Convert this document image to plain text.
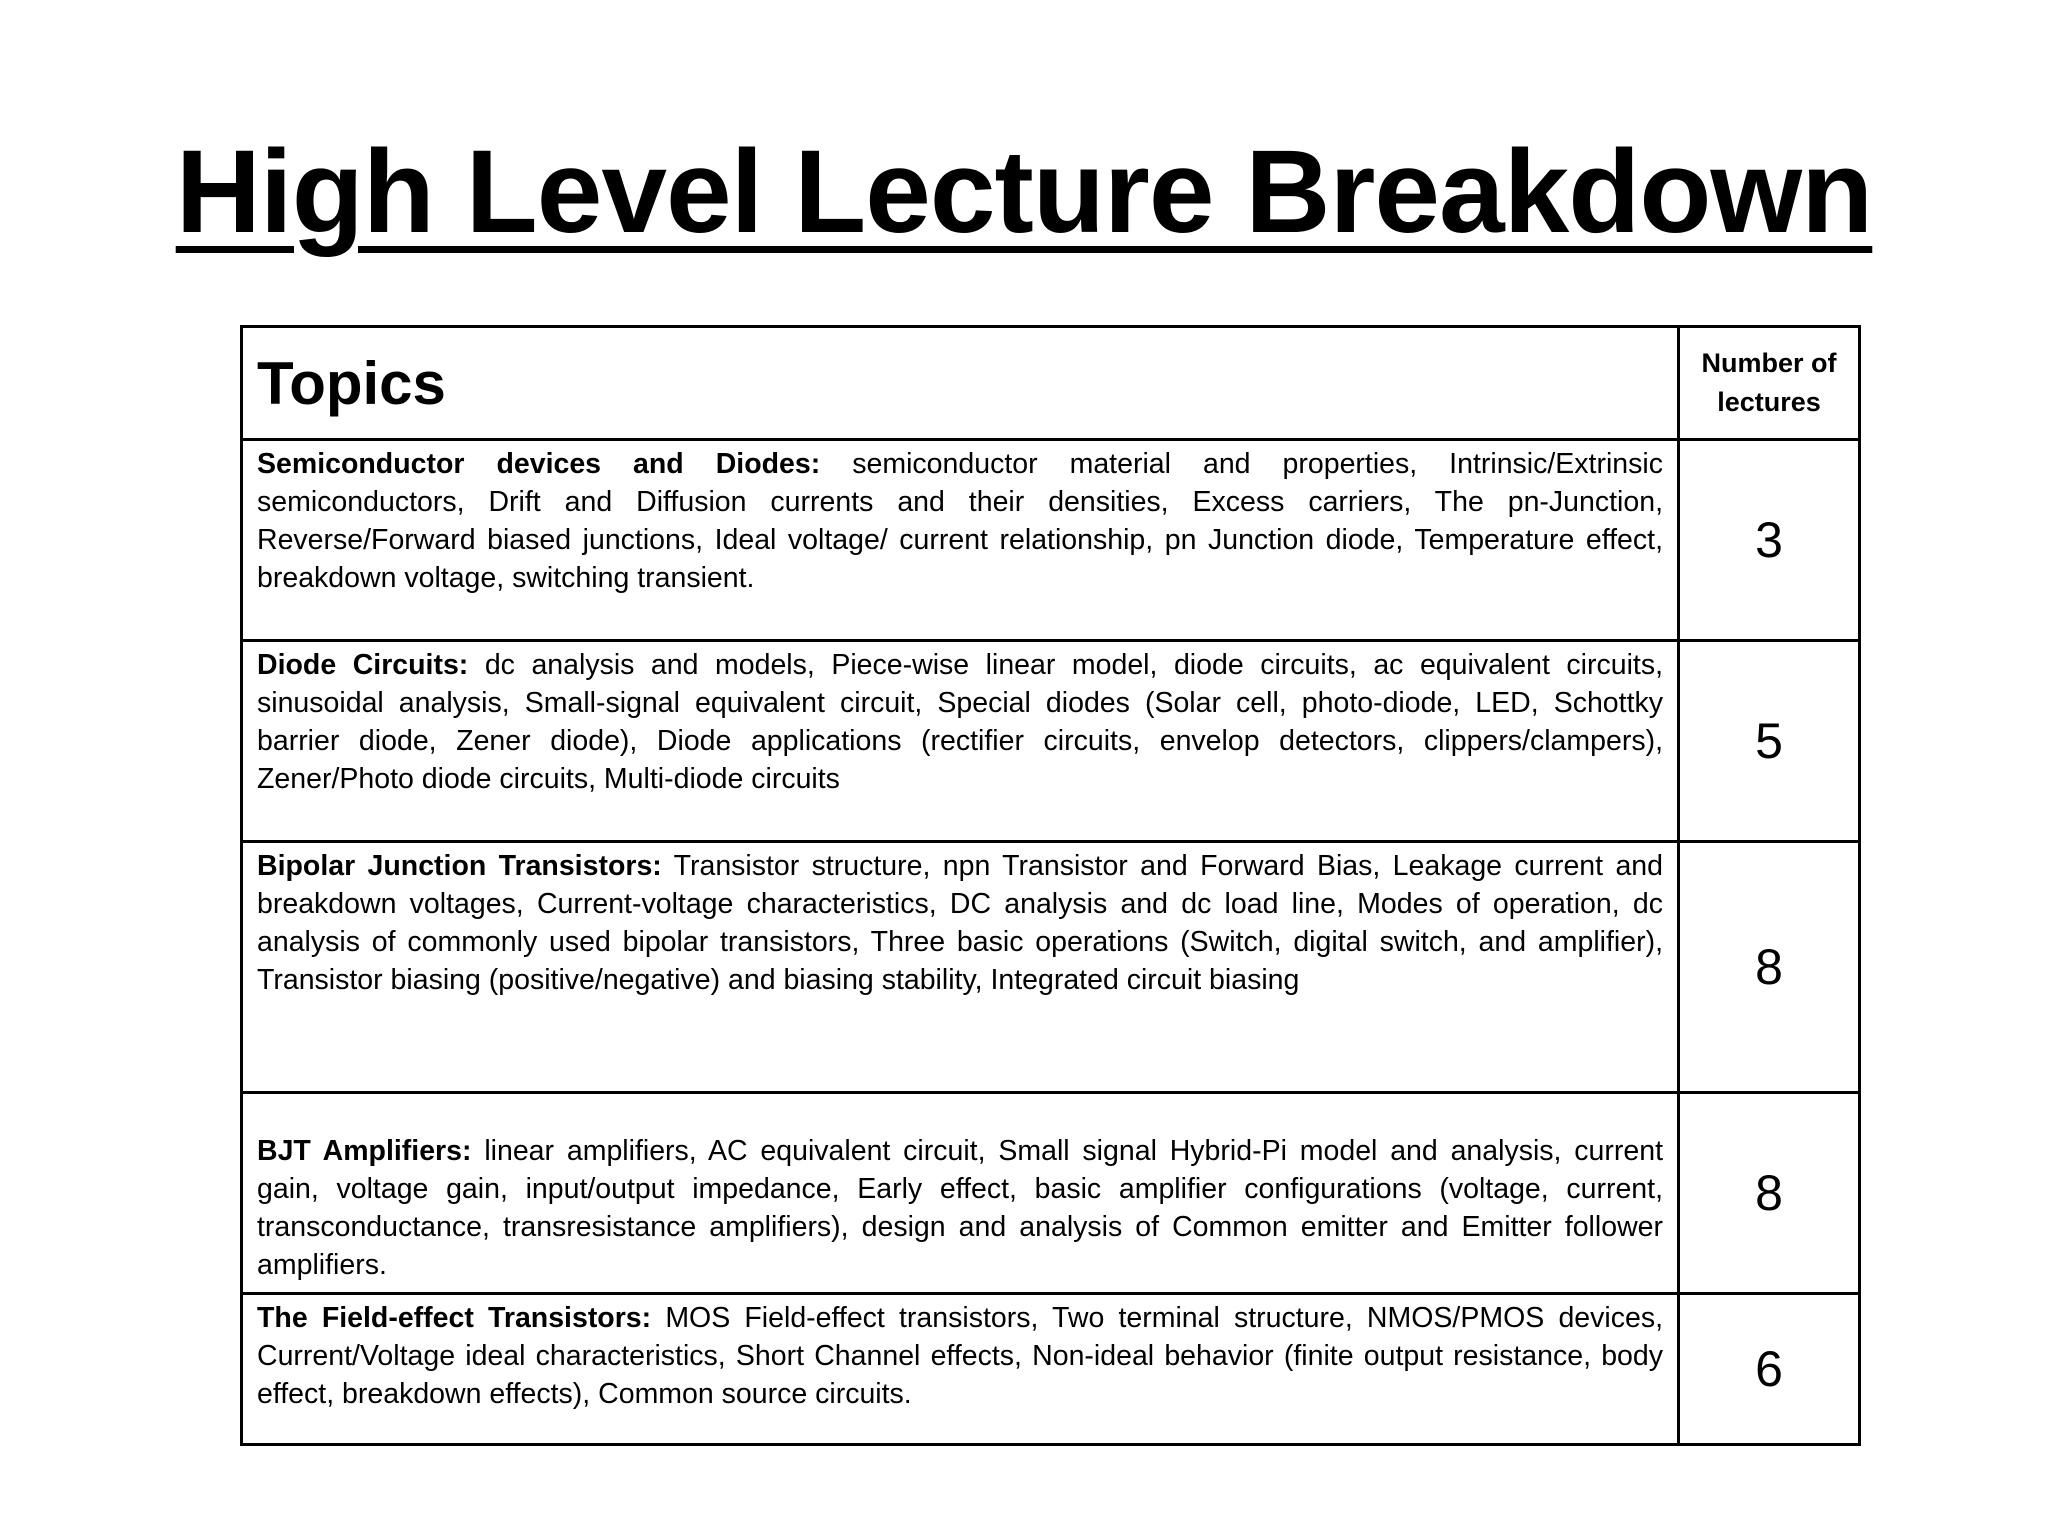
High Level Lecture Breakdown
Topics	Number of lectures
Semiconductor devices and Diodes: semiconductor material and properties, Intrinsic/Extrinsic semiconductors, Drift and Diffusion currents and their densities, Excess carriers, The pn-Junction, Reverse/Forward biased junctions, Ideal voltage/ current relationship, pn Junction diode, Temperature effect, breakdown voltage, switching transient.	3
Diode Circuits: dc analysis and models, Piece-wise linear model, diode circuits, ac equivalent circuits, sinusoidal analysis, Small-signal equivalent circuit, Special diodes (Solar cell, photo-diode, LED, Schottky barrier diode, Zener diode), Diode applications (rectifier circuits, envelop detectors, clippers/clampers), Zener/Photo diode circuits, Multi-diode circuits	5
Bipolar Junction Transistors: Transistor structure, npn Transistor and Forward Bias, Leakage current and breakdown voltages, Current-voltage characteristics, DC analysis and dc load line, Modes of operation, dc analysis of commonly used bipolar transistors, Three basic operations (Switch, digital switch, and amplifier), Transistor biasing (positive/negative) and biasing stability, Integrated circuit biasing	8
BJT Amplifiers: linear amplifiers, AC equivalent circuit, Small signal Hybrid-Pi model and analysis, current gain, voltage gain, input/output impedance, Early effect, basic amplifier configurations (voltage, current, transconductance, transresistance amplifiers), design and analysis of Common emitter and Emitter follower amplifiers.	8
The Field-effect Transistors: MOS Field-effect transistors, Two terminal structure, NMOS/PMOS devices, Current/Voltage ideal characteristics, Short Channel effects, Non-ideal behavior (finite output resistance, body effect, breakdown effects), Common source circuits.	6
